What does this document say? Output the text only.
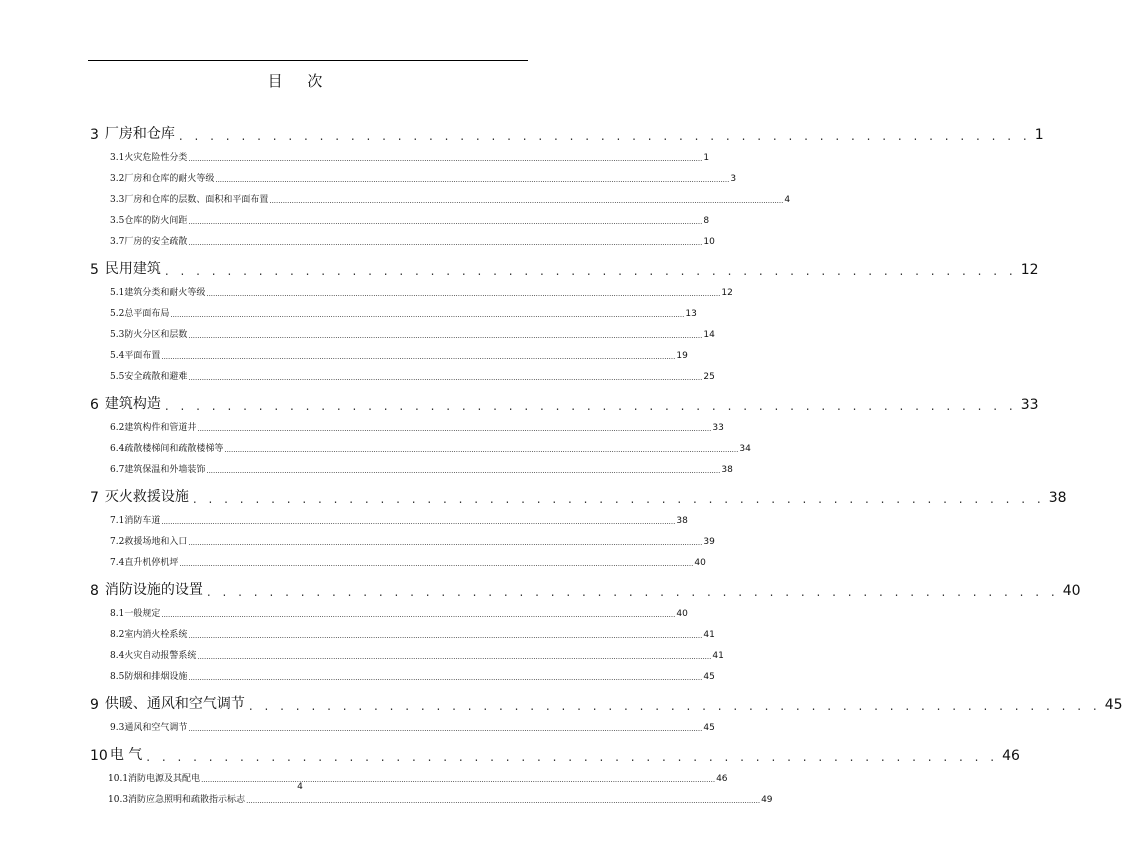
目 次
3 厂房和仓库 . . . . . . . . . . . . . . . . . . . . . . . . . . . . . . . . . . . . . . . . . . . . . . . . . . . . . . . 1
3.1 火灾危险性分类 ....................................................................................................................................................................................................................................... 1
3.2 厂房和仓库的耐火等级 ....................................................................................................................................................................................................................................... 3
3.3 厂房和仓库的层数、面积和平面布置 ....................................................................................................................................................................................................................................... 4
3.5 仓库的防火间距 ....................................................................................................................................................................................................................................... 8
3.7 厂房的安全疏散 ....................................................................................................................................................................................................................................... 10
5 民用建筑 . . . . . . . . . . . . . . . . . . . . . . . . . . . . . . . . . . . . . . . . . . . . . . . . . . . . . . . 12
5.1 建筑分类和耐火等级 ....................................................................................................................................................................................................................................... 12
5.2 总平面布局 ....................................................................................................................................................................................................................................... 13
5.3 防火分区和层数 ....................................................................................................................................................................................................................................... 14
5.4 平面布置 ....................................................................................................................................................................................................................................... 19
5.5 安全疏散和避难 ....................................................................................................................................................................................................................................... 25
6 建筑构造 . . . . . . . . . . . . . . . . . . . . . . . . . . . . . . . . . . . . . . . . . . . . . . . . . . . . . . . 33
6.2 建筑构件和管道井 ....................................................................................................................................................................................................................................... 33
6.4 疏散楼梯间和疏散楼梯等 ....................................................................................................................................................................................................................................... 34
6.7 建筑保温和外墙装饰 ....................................................................................................................................................................................................................................... 38
7 灭火救援设施 . . . . . . . . . . . . . . . . . . . . . . . . . . . . . . . . . . . . . . . . . . . . . . . . . . . . . . . 38
7.1 消防车道 ....................................................................................................................................................................................................................................... 38
7.2 救援场地和入口 ....................................................................................................................................................................................................................................... 39
7.4 直升机停机坪 ....................................................................................................................................................................................................................................... 40
8 消防设施的设置 . . . . . . . . . . . . . . . . . . . . . . . . . . . . . . . . . . . . . . . . . . . . . . . . . . . . . . . 40
8.1 一般规定 ....................................................................................................................................................................................................................................... 40
8.2 室内消火栓系统 ....................................................................................................................................................................................................................................... 41
8.4 火灾自动报警系统 ....................................................................................................................................................................................................................................... 41
8.5 防烟和排烟设施 ....................................................................................................................................................................................................................................... 45
9 供暖、通风和空气调节 . . . . . . . . . . . . . . . . . . . . . . . . . . . . . . . . . . . . . . . . . . . . . . . . . . . . . . . 45
9.3 通风和空气调节 ....................................................................................................................................................................................................................................... 45
10 电 气 . . . . . . . . . . . . . . . . . . . . . . . . . . . . . . . . . . . . . . . . . . . . . . . . . . . . . . . 46
10.1 消防电源及其配电 ....................................................................................................................................................................................................................................... 46
10.3 消防应急照明和疏散指示标志 ....................................................................................................................................................................................................................................... 49
4
